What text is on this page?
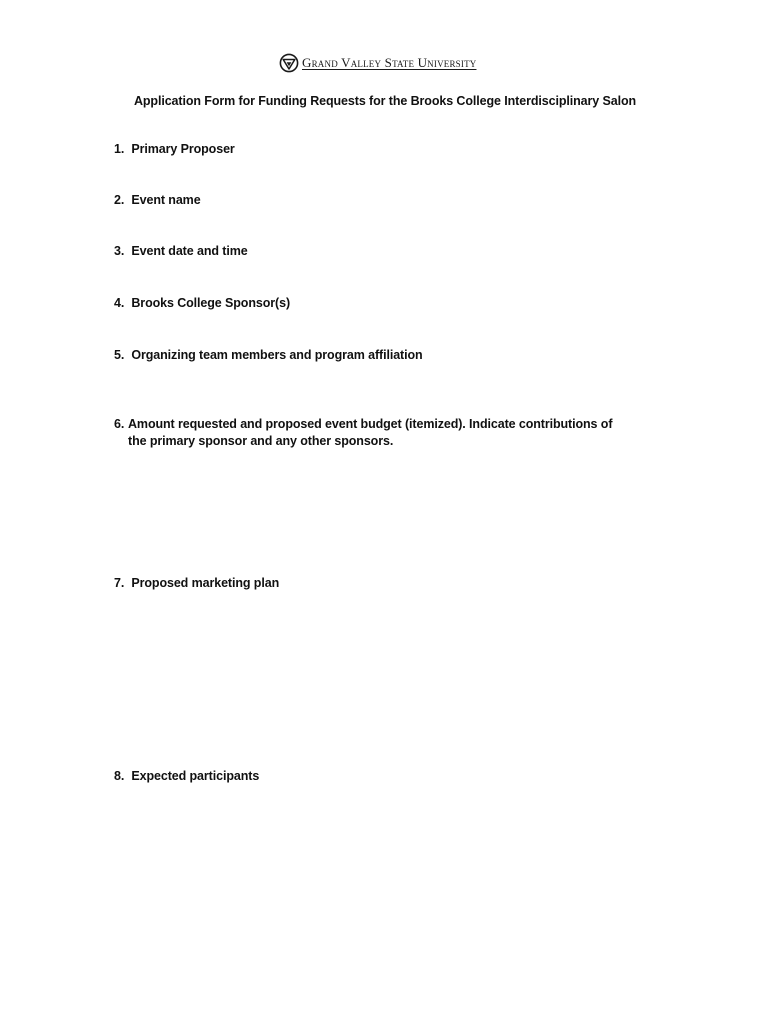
Grand Valley State University
Application Form for Funding Requests for the Brooks College Interdisciplinary Salon
1. Primary Proposer
2. Event name
3. Event date and time
4. Brooks College Sponsor(s)
5. Organizing team members and program affiliation
6. Amount requested and proposed event budget (itemized). Indicate contributions of the primary sponsor and any other sponsors.
7. Proposed marketing plan
8. Expected participants
